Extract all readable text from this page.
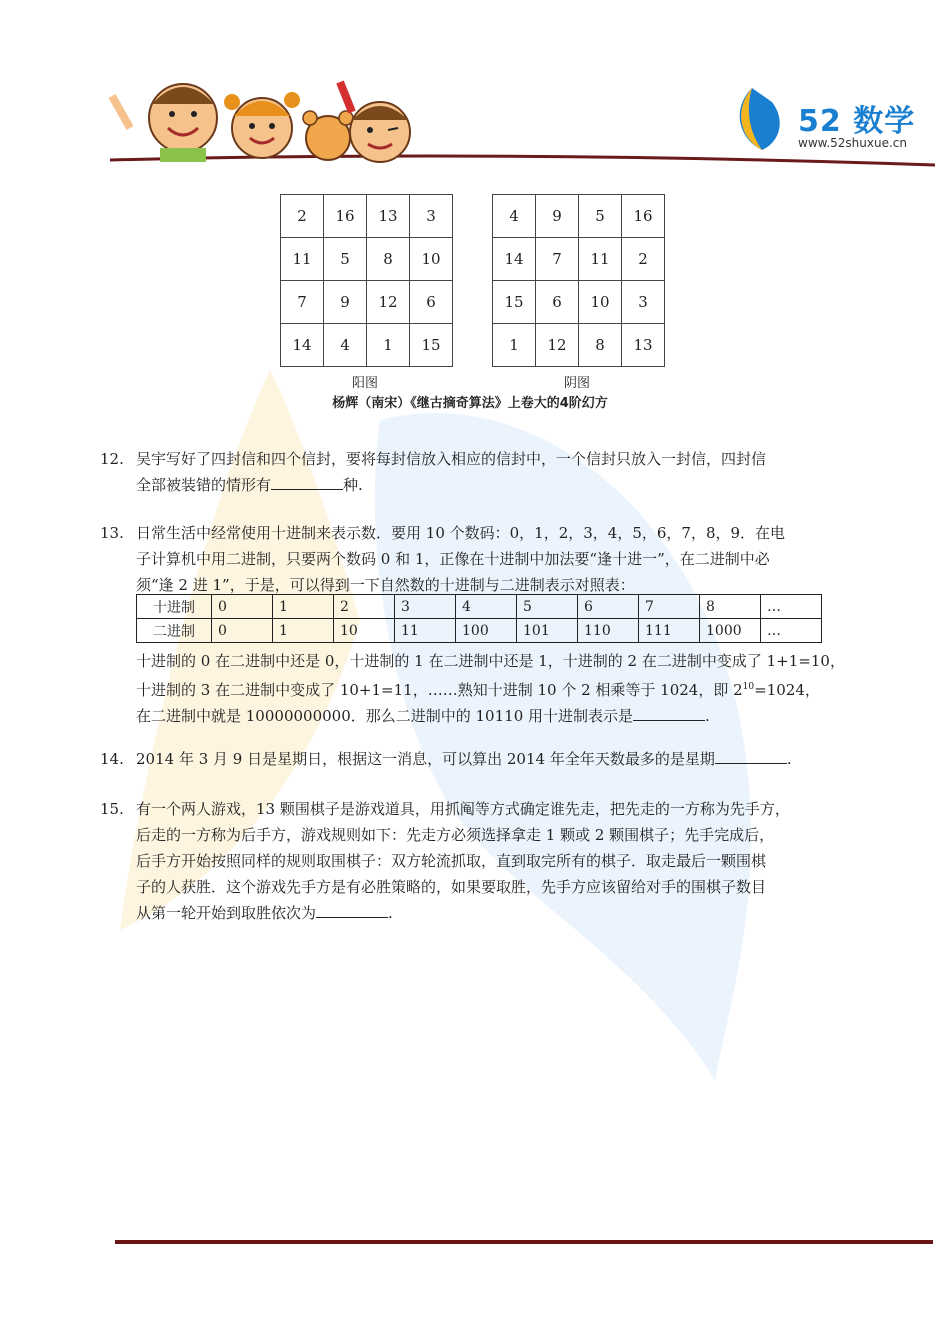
52 数学
www.52shuxue.cn
2	16	13	3
11	5	8	10
7	9	12	6
14	4	1	15
4	9	5	16
14	7	11	2
15	6	10	3
1	12	8	13
阳图	阴图
杨辉（南宋）《继古摘奇算法》上卷大的4阶幻方

12. 吴宇写好了四封信和四个信封，要将每封信放入相应的信封中，一个信封只放入一封信，四封信

全部被装错的情形有	种.

13. 日常生活中经常使用十进制来表示数．要用 10 个数码：0，1，2，3，4，5，6，7，8，9．在电

子计算机中用二进制，只要两个数码 0 和 1，正像在十进制中加法要“逢十进一”，在二进制中必

须“逢 2 进 1”，于是，可以得到一下自然数的十进制与二进制表示对照表：

十进制	0	1	2	3	4	5	6	7	8	…
二进制	0	1	10	11	100	101	110	111	1000	…

十进制的 0 在二进制中还是 0，十进制的 1 在二进制中还是 1，十进制的 2 在二进制中变成了 1+1=10，

十进制的 3 在二进制中变成了 10+1=11，……熟知十进制 10 个 2 相乘等于 1024，即 $2^{10}=1024$，

在二进制中就是 10000000000．那么二进制中的 10110 用十进制表示是	.

14. 2014 年 3 月 9 日是星期日，根据这一消息，可以算出 2014 年全年天数最多的是星期	.

15. 有一个两人游戏，13 颗围棋子是游戏道具，用抓阄等方式确定谁先走，把先走的一方称为先手方，

后走的一方称为后手方，游戏规则如下：先走方必须选择拿走 1 颗或 2 颗围棋子；先手完成后，

后手方开始按照同样的规则取围棋子：双方轮流抓取，直到取完所有的棋子．取走最后一颗围棋

子的人获胜．这个游戏先手方是有必胜策略的，如果要取胜，先手方应该留给对手的围棋子数目

从第一轮开始到取胜依次为	.
